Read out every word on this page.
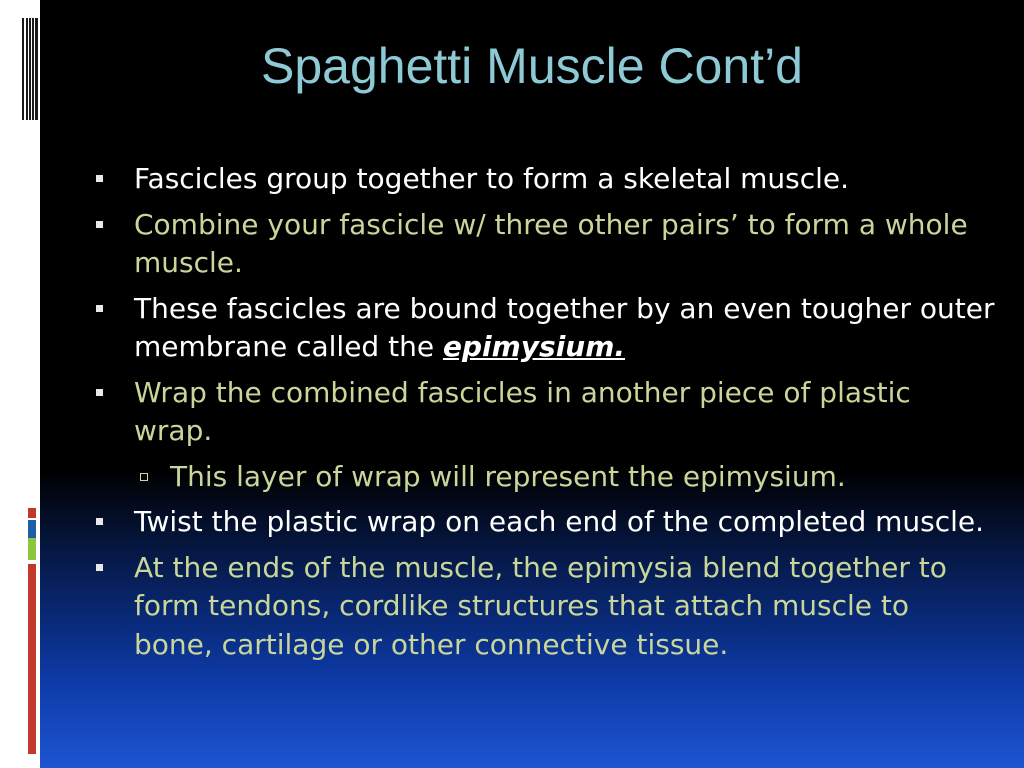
Spaghetti Muscle Cont’d
Fascicles group together to form a skeletal muscle.
Combine your fascicle w/ three other pairs’ to form a whole muscle.
These fascicles are bound together by an even tougher outer membrane called the epimysium.
Wrap the combined fascicles in another piece of plastic wrap.
This layer of wrap will represent the epimysium.
Twist the plastic wrap on each end of the completed muscle.
At the ends of the muscle, the epimysia blend together to form tendons, cordlike structures that attach muscle to bone, cartilage or other connective tissue.
